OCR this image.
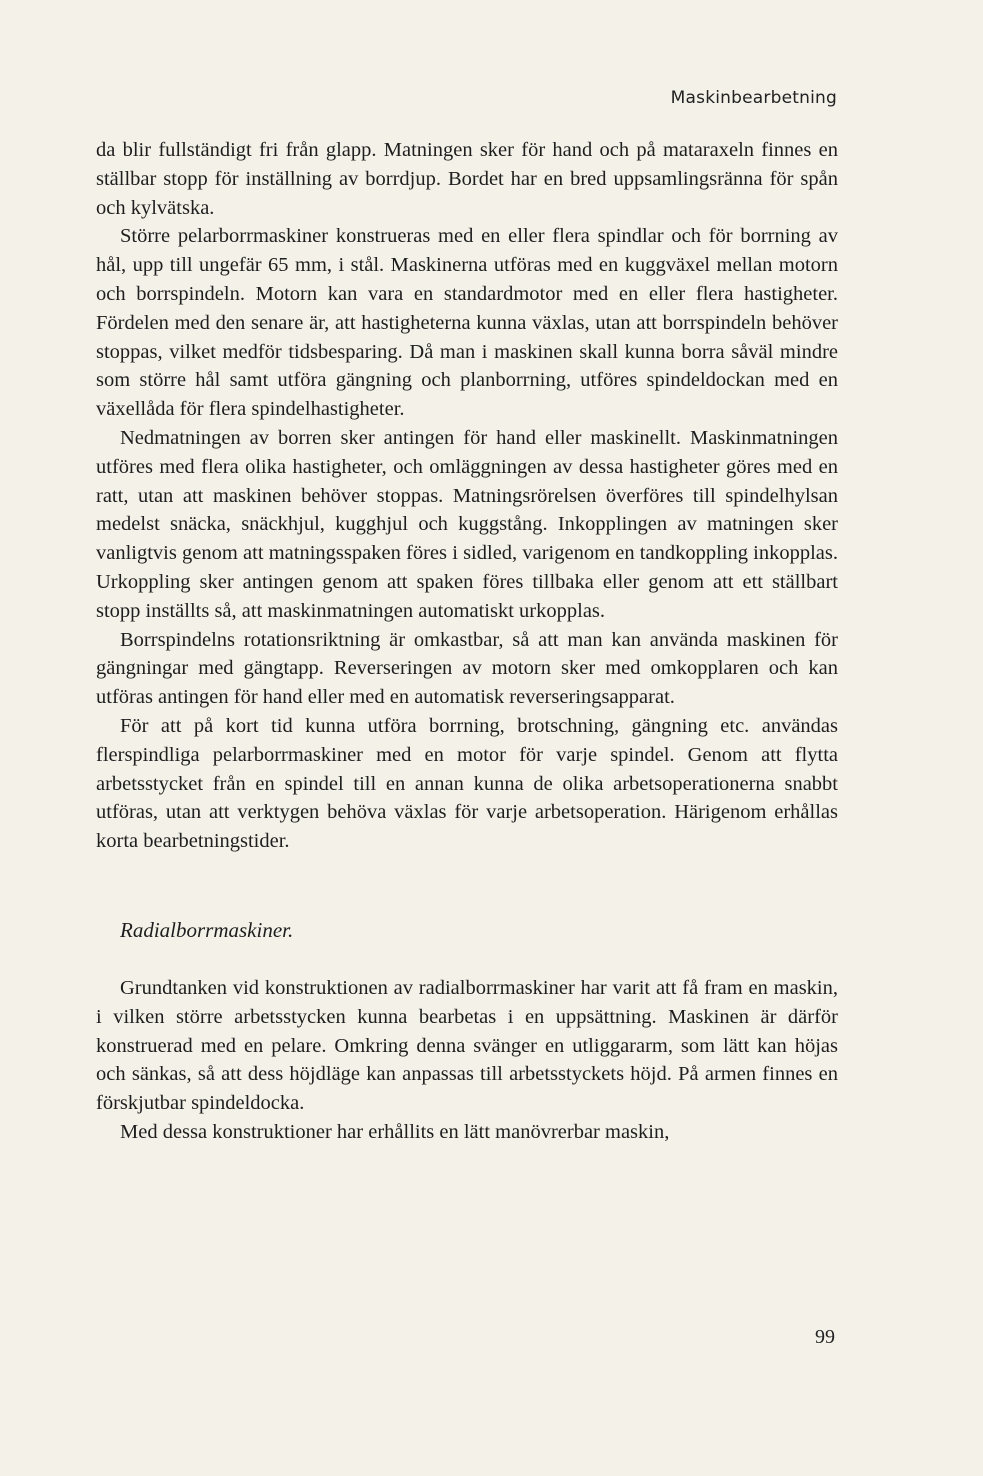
Maskinbearbetning

da blir fullständigt fri från glapp. Matningen sker för hand och på mataraxeln finnes en ställbar stopp för inställning av borrdjup. Bordet har en bred uppsamlingsränna för spån och kylvätska.

Större pelarborrmaskiner konstrueras med en eller flera spindlar och för borrning av hål, upp till ungefär 65 mm, i stål. Maskinerna utföras med en kuggväxel mellan motorn och borrspindeln. Motorn kan vara en standardmotor med en eller flera hastigheter. Fördelen med den senare är, att hastigheterna kunna växlas, utan att borrspindeln behöver stoppas, vilket medför tidsbesparing. Då man i maskinen skall kunna borra såväl mindre som större hål samt utföra gängning och planborrning, utföres spindeldockan med en växellåda för flera spindelhastigheter.

Nedmatningen av borren sker antingen för hand eller maskinellt. Maskinmatningen utföres med flera olika hastigheter, och omläggningen av dessa hastigheter göres med en ratt, utan att maskinen behöver stoppas. Matningsrörelsen överföres till spindelhylsan medelst snäcka, snäckhjul, kugghjul och kuggstång. Inkopplingen av matningen sker vanligtvis genom att matningsspaken föres i sidled, varigenom en tandkoppling inkopplas. Urkoppling sker antingen genom att spaken föres tillbaka eller genom att ett ställbart stopp inställts så, att maskinmatningen automatiskt urkopplas.

Borrspindelns rotationsriktning är omkastbar, så att man kan använda maskinen för gängningar med gängtapp. Reverseringen av motorn sker med omkopplaren och kan utföras antingen för hand eller med en automatisk reverseringsapparat.

För att på kort tid kunna utföra borrning, brotschning, gängning etc. användas flerspindliga pelarborrmaskiner med en motor för varje spindel. Genom att flytta arbetsstycket från en spindel till en annan kunna de olika arbetsoperationerna snabbt utföras, utan att verktygen behöva växlas för varje arbetsoperation. Härigenom erhållas korta bearbetningstider.

Radialborrmaskiner.

Grundtanken vid konstruktionen av radialborrmaskiner har varit att få fram en maskin, i vilken större arbetsstycken kunna bearbetas i en uppsättning. Maskinen är därför konstruerad med en pelare. Omkring denna svänger en utliggararm, som lätt kan höjas och sänkas, så att dess höjdläge kan anpassas till arbetsstyckets höjd. På armen finnes en förskjutbar spindeldocka.

Med dessa konstruktioner har erhållits en lätt manövrerbar maskin,

99
